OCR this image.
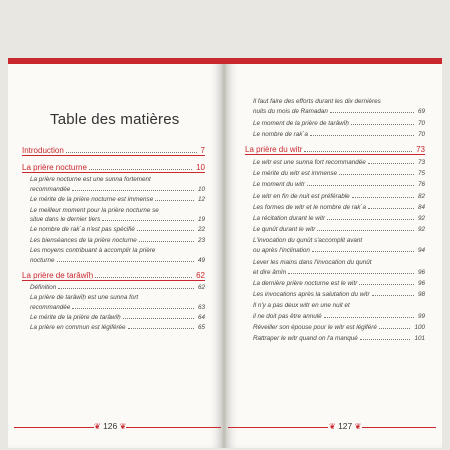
Table des matières
Introduction	7
La prière nocturne	10
La prière nocturne est une sunna fortement
recommandée	10
Le mérite de la prière nocturne est immense	12
Le meilleur moment pour la prière nocturne se
situe dans le dernier tiers	19
Le nombre de rak`a n'est pas spécifié	22
Les bienséances de la prière nocturne	23
Les moyens contribuant à accomplir la prière
nocturne	49
La prière de tarâwîḥ	62
Définition	62
La prière de tarâwîḥ est une sunna fort
recommandée	63
Le mérite de la prière de tarâwîḥ	64
La prière en commun est légiférée	65
Il faut faire des efforts durant les dix dernières
nuits du mois de Ramadan	69
Le moment de la prière de tarâwîḥ	70
Le nombre de rak`a	70
La prière du witr	73
Le witr est une sunna fort recommandée	73
Le mérite du witr est immense	75
Le moment du witr	76
Le witr en fin de nuit est préférable	82
Les formes de witr et le nombre de rak`a	84
La récitation durant le witr	92
Le qunût durant le witr	92
L'invocation du qunût s'accomplit avant
ou après l'inclination	94
Lever les mains dans l'invocation du qunût
et dire âmîn	96
La dernière prière nocturne est le witr	96
Les invocations après la salutation du witr	98
Il n'y a pas deux witr en une nuit et
il ne doit pas être annulé	99
Réveiller son épouse pour le witr est légiféré	100
Rattraper le witr quand on l'a manqué	101
❦ 126 ❦	❦ 127 ❦
